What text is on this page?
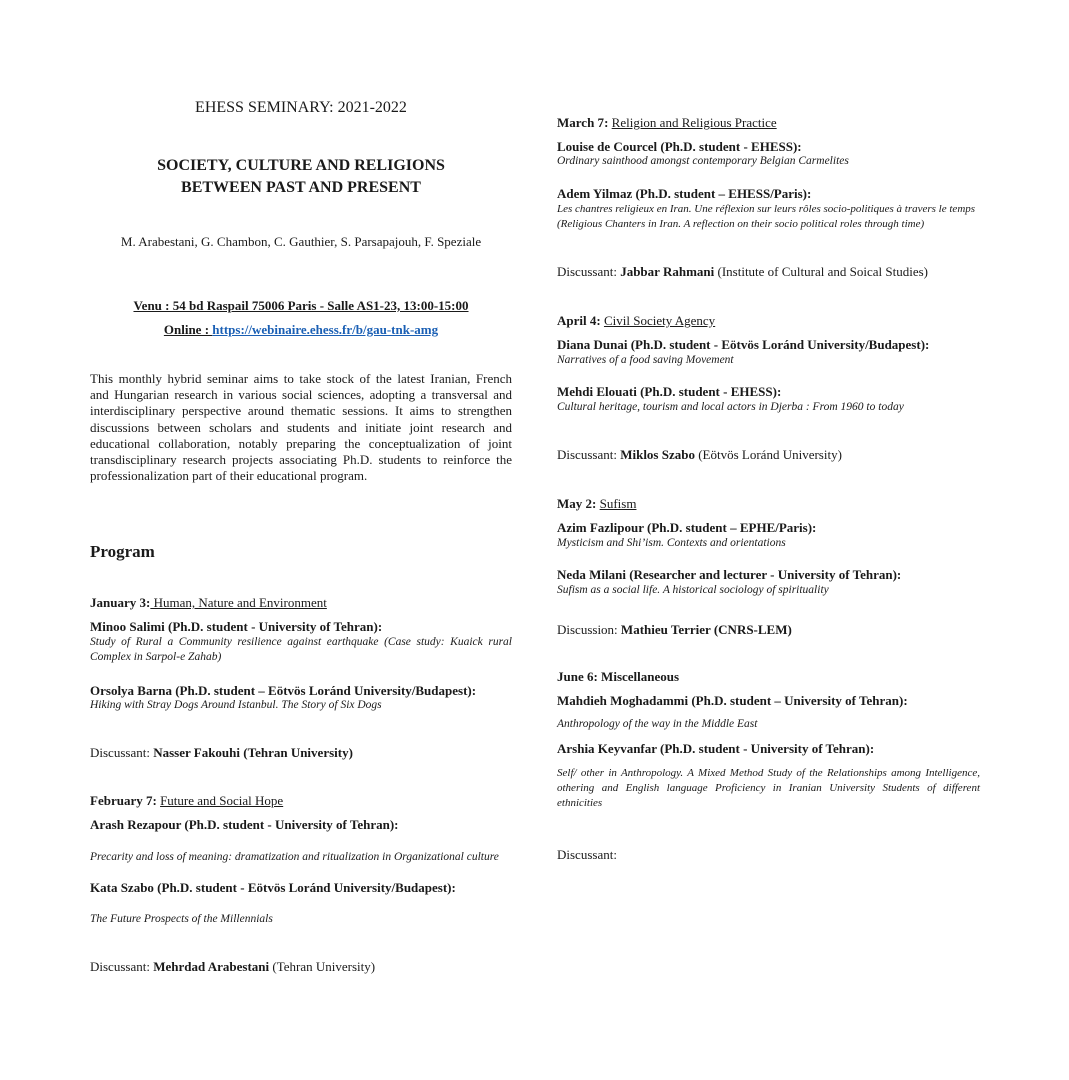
EHESS SEMINARY: 2021-2022
SOCIETY, CULTURE AND RELIGIONS
BETWEEN PAST AND PRESENT
M. Arabestani, G. Chambon, C. Gauthier, S. Parsapajouh, F. Speziale
Venu : 54 bd Raspail 75006 Paris - Salle AS1-23, 13:00-15:00
Online : https://webinaire.ehess.fr/b/gau-tnk-amg
This monthly hybrid seminar aims to take stock of the latest Iranian, French
and Hungarian research in various social sciences, adopting a transversal and
interdisciplinary perspective around thematic sessions. It aims to strengthen
discussions between scholars and students and initiate joint research and
educational collaboration, notably preparing the conceptualization of joint
transdisciplinary research projects associating Ph.D. students to reinforce the
professionalization part of their educational program.
Program
January 3: Human, Nature and Environment
Minoo Salimi (Ph.D. student - University of Tehran):
Study of Rural a Community resilience against earthquake (Case study: Kuaick rural
Complex in Sarpol-e Zahab)
Orsolya Barna (Ph.D. student – Eötvös Loránd University/Budapest):
Hiking with Stray Dogs Around Istanbul. The Story of Six Dogs
Discussant: Nasser Fakouhi (Tehran University)
February 7: Future and Social Hope
Arash Rezapour (Ph.D. student - University of Tehran):
Precarity and loss of meaning: dramatization and ritualization in Organizational culture
Kata Szabo (Ph.D. student - Eötvös Loránd University/Budapest):
The Future Prospects of the Millennials
Discussant: Mehrdad Arabestani (Tehran University)
March 7: Religion and Religious Practice
Louise de Courcel (Ph.D. student - EHESS):
Ordinary sainthood amongst contemporary Belgian Carmelites
Adem Yilmaz (Ph.D. student – EHESS/Paris):
Les chantres religieux en Iran. Une réflexion sur leurs rôles socio-politiques à travers le temps
(Religious Chanters in Iran. A reflection on their socio political roles through time)
Discussant: Jabbar Rahmani (Institute of Cultural and Soical Studies)
April 4: Civil Society Agency
Diana Dunai (Ph.D. student - Eötvös Loránd University/Budapest):
Narratives of a food saving Movement
Mehdi Elouati (Ph.D. student - EHESS):
Cultural heritage, tourism and local actors in Djerba : From 1960 to today
Discussant: Miklos Szabo (Eötvös Loránd University)
May 2: Sufism
Azim Fazlipour (Ph.D. student – EPHE/Paris):
Mysticism and Shi’ism. Contexts and orientations
Neda Milani (Researcher and lecturer - University of Tehran):
Sufism as a social life. A historical sociology of spirituality
Discussion: Mathieu Terrier (CNRS-LEM)
June 6: Miscellaneous
Mahdieh Moghadammi (Ph.D. student – University of Tehran):
Anthropology of the way in the Middle East
Arshia Keyvanfar (Ph.D. student - University of Tehran):
Self/ other in Anthropology. A Mixed Method Study of the Relationships among Intelligence,
othering and English language Proficiency in Iranian University Students of different
ethnicities
Discussant:
